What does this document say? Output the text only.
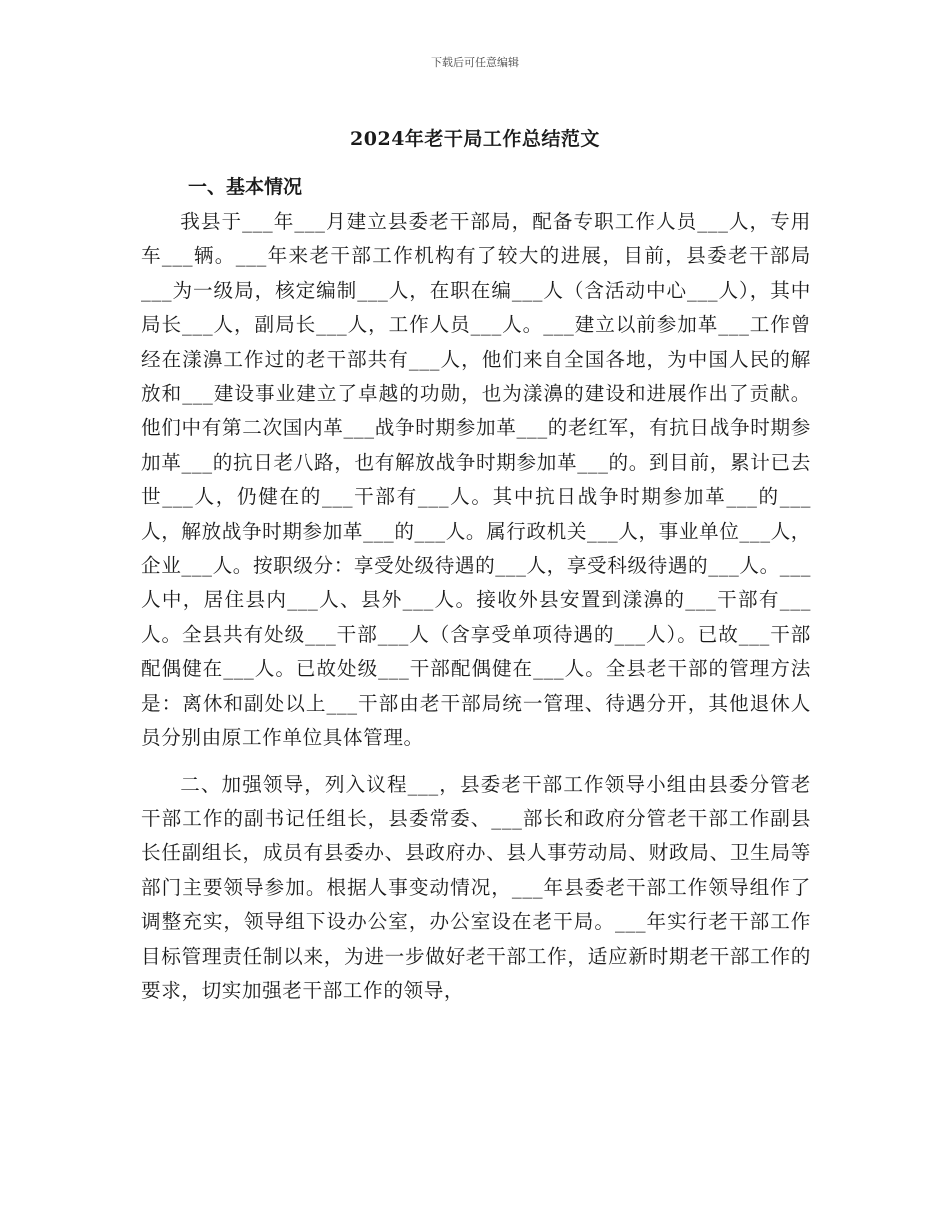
下载后可任意编辑
2024年老干局工作总结范文
一、基本情况

我县于___年___月建立县委老干部局，配备专职工作人员___人，专用车___辆。___年来老干部工作机构有了较大的进展，目前，县委老干部局___为一级局，核定编制___人，在职在编___人（含活动中心___人），其中局长___人，副局长___人，工作人员___人。___建立以前参加革___工作曾经在漾濞工作过的老干部共有___人，他们来自全国各地，为中国人民的解放和___建设事业建立了卓越的功勋，也为漾濞的建设和进展作出了贡献。他们中有第二次国内革___战争时期参加革___的老红军，有抗日战争时期参加革___的抗日老八路，也有解放战争时期参加革___的。到目前，累计已去世___人，仍健在的___干部有___人。其中抗日战争时期参加革___的___人，解放战争时期参加革___的___人。属行政机关___人，事业单位___人，企业___人。按职级分：享受处级待遇的___人，享受科级待遇的___人。___人中，居住县内___人、县外___人。接收外县安置到漾濞的___干部有___人。全县共有处级___干部___人（含享受单项待遇的___人）。已故___干部配偶健在___人。已故处级___干部配偶健在___人。全县老干部的管理方法是：离休和副处以上___干部由老干部局统一管理、待遇分开，其他退休人员分别由原工作单位具体管理。

二、加强领导，列入议程___，县委老干部工作领导小组由县委分管老干部工作的副书记任组长，县委常委、___部长和政府分管老干部工作副县长任副组长，成员有县委办、县政府办、县人事劳动局、财政局、卫生局等部门主要领导参加。根据人事变动情况，___年县委老干部工作领导组作了调整充实，领导组下设办公室，办公室设在老干局。___年实行老干部工作目标管理责任制以来，为进一步做好老干部工作，适应新时期老干部工作的要求，切实加强老干部工作的领导，
